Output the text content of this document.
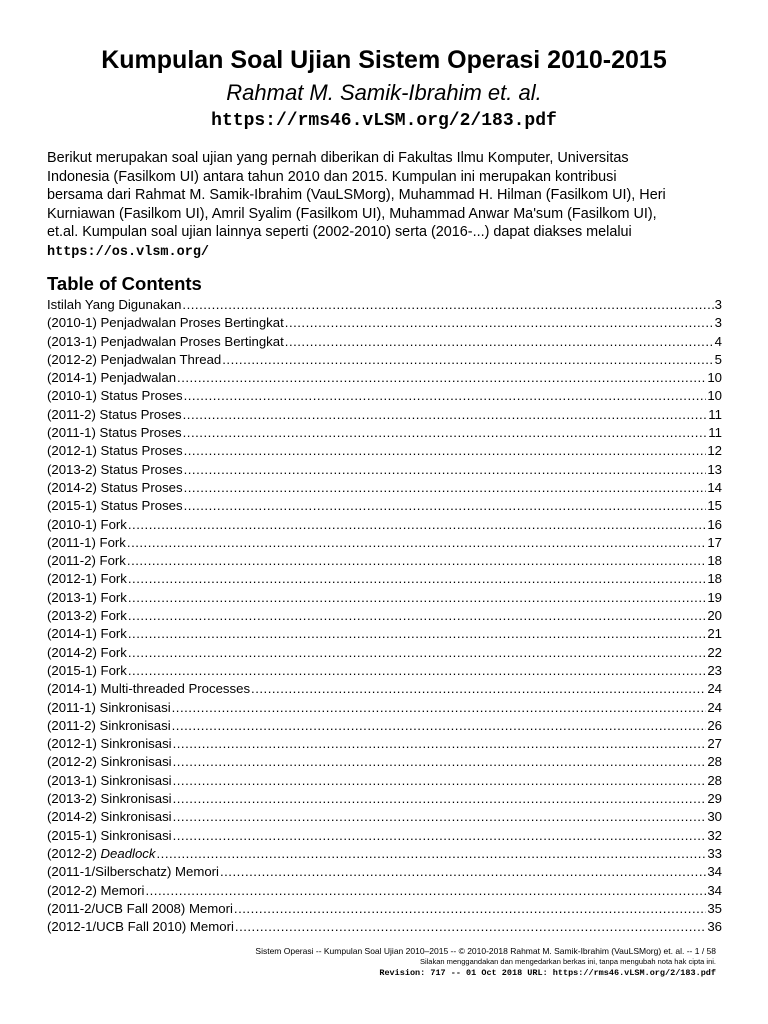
Kumpulan Soal Ujian Sistem Operasi 2010-2015
Rahmat M. Samik-Ibrahim et. al.
https://rms46.vLSM.org/2/183.pdf
Berikut merupakan soal ujian yang pernah diberikan di Fakultas Ilmu Komputer, Universitas
Indonesia (Fasilkom UI) antara tahun 2010 dan 2015. Kumpulan ini merupakan kontribusi
bersama dari Rahmat M. Samik-Ibrahim (VauLSMorg), Muhammad H. Hilman (Fasilkom UI), Heri
Kurniawan (Fasilkom UI), Amril Syalim (Fasilkom UI), Muhammad Anwar Ma'sum (Fasilkom UI),
et.al. Kumpulan soal ujian lainnya seperti (2002-2010) serta (2016-...) dapat diakses melalui
https://os.vlsm.org/
Table of Contents
Istilah Yang Digunakan .....	3
(2010-1) Penjadwalan Proses Bertingkat .....	3
(2013-1) Penjadwalan Proses Bertingkat .....	4
(2012-2) Penjadwalan Thread .....	5
(2014-1) Penjadwalan .....	10
(2010-1) Status Proses .....	10
(2011-2) Status Proses .....	11
(2011-1) Status Proses .....	11
(2012-1) Status Proses .....	12
(2013-2) Status Proses .....	13
(2014-2) Status Proses .....	14
(2015-1) Status Proses .....	15
(2010-1) Fork .....	16
(2011-1) Fork .....	17
(2011-2) Fork .....	18
(2012-1) Fork .....	18
(2013-1) Fork .....	19
(2013-2) Fork .....	20
(2014-1) Fork .....	21
(2014-2) Fork .....	22
(2015-1) Fork .....	23
(2014-1) Multi-threaded Processes .....	24
(2011-1) Sinkronisasi .....	24
(2011-2) Sinkronisasi .....	26
(2012-1) Sinkronisasi .....	27
(2012-2) Sinkronisasi .....	28
(2013-1) Sinkronisasi .....	28
(2013-2) Sinkronisasi .....	29
(2014-2) Sinkronisasi .....	30
(2015-1) Sinkronisasi .....	32
(2012-2) Deadlock .....	33
(2011-1/Silberschatz) Memori .....	34
(2012-2) Memori .....	34
(2011-2/UCB Fall 2008) Memori .....	35
(2012-1/UCB Fall 2010) Memori .....	36
Sistem Operasi -- Kumpulan Soal Ujian 2010–2015 -- © 2010-2018 Rahmat M. Samik-Ibrahim (VauLSMorg) et. al. -- 1 / 58
Silakan menggandakan dan mengedarkan berkas ini, tanpa mengubah nota hak cipta ini.
Revision: 717 -- 01 Oct 2018 URL: https://rms46.vLSM.org/2/183.pdf
